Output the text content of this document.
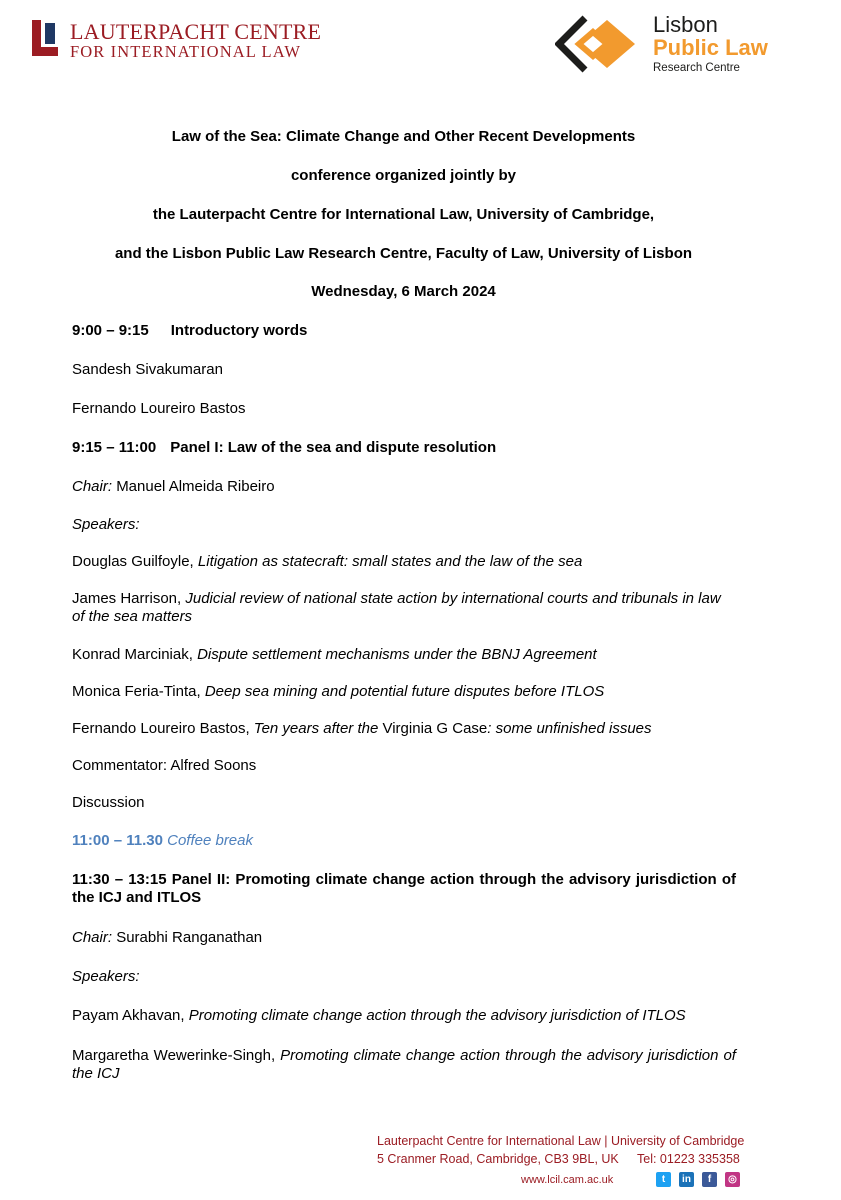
LAUTERPACHT CENTRE
FOR INTERNATIONAL LAW
Lisbon
Public Law
Research Centre
Law of the Sea: Climate Change and Other Recent Developments
conference organized jointly by
the Lauterpacht Centre for International Law, University of Cambridge,
and the Lisbon Public Law Research Centre, Faculty of Law, University of Lisbon
Wednesday, 6 March 2024
9:00 – 9:15 Introductory words
Sandesh Sivakumaran
Fernando Loureiro Bastos
9:15 – 11:00 Panel I: Law of the sea and dispute resolution
Chair: Manuel Almeida Ribeiro
Speakers:
Douglas Guilfoyle, Litigation as statecraft: small states and the law of the sea
James Harrison, Judicial review of national state action by international courts and tribunals in law of the sea matters
Konrad Marciniak, Dispute settlement mechanisms under the BBNJ Agreement
Monica Feria-Tinta, Deep sea mining and potential future disputes before ITLOS
Fernando Loureiro Bastos, Ten years after the Virginia G Case: some unfinished issues
Commentator: Alfred Soons
Discussion
11:00 – 11.30 Coffee break
11:30 – 13:15 Panel II: Promoting climate change action through the advisory jurisdiction of the ICJ and ITLOS
Chair: Surabhi Ranganathan
Speakers:
Payam Akhavan, Promoting climate change action through the advisory jurisdiction of ITLOS
Margaretha Wewerinke-Singh, Promoting climate change action through the advisory jurisdiction of the ICJ
Lauterpacht Centre for International Law | University of Cambridge
5 Cranmer Road, Cambridge, CB3 9BL, UK Tel: 01223 335358
www.lcil.cam.ac.uk	t	in	f	◎
